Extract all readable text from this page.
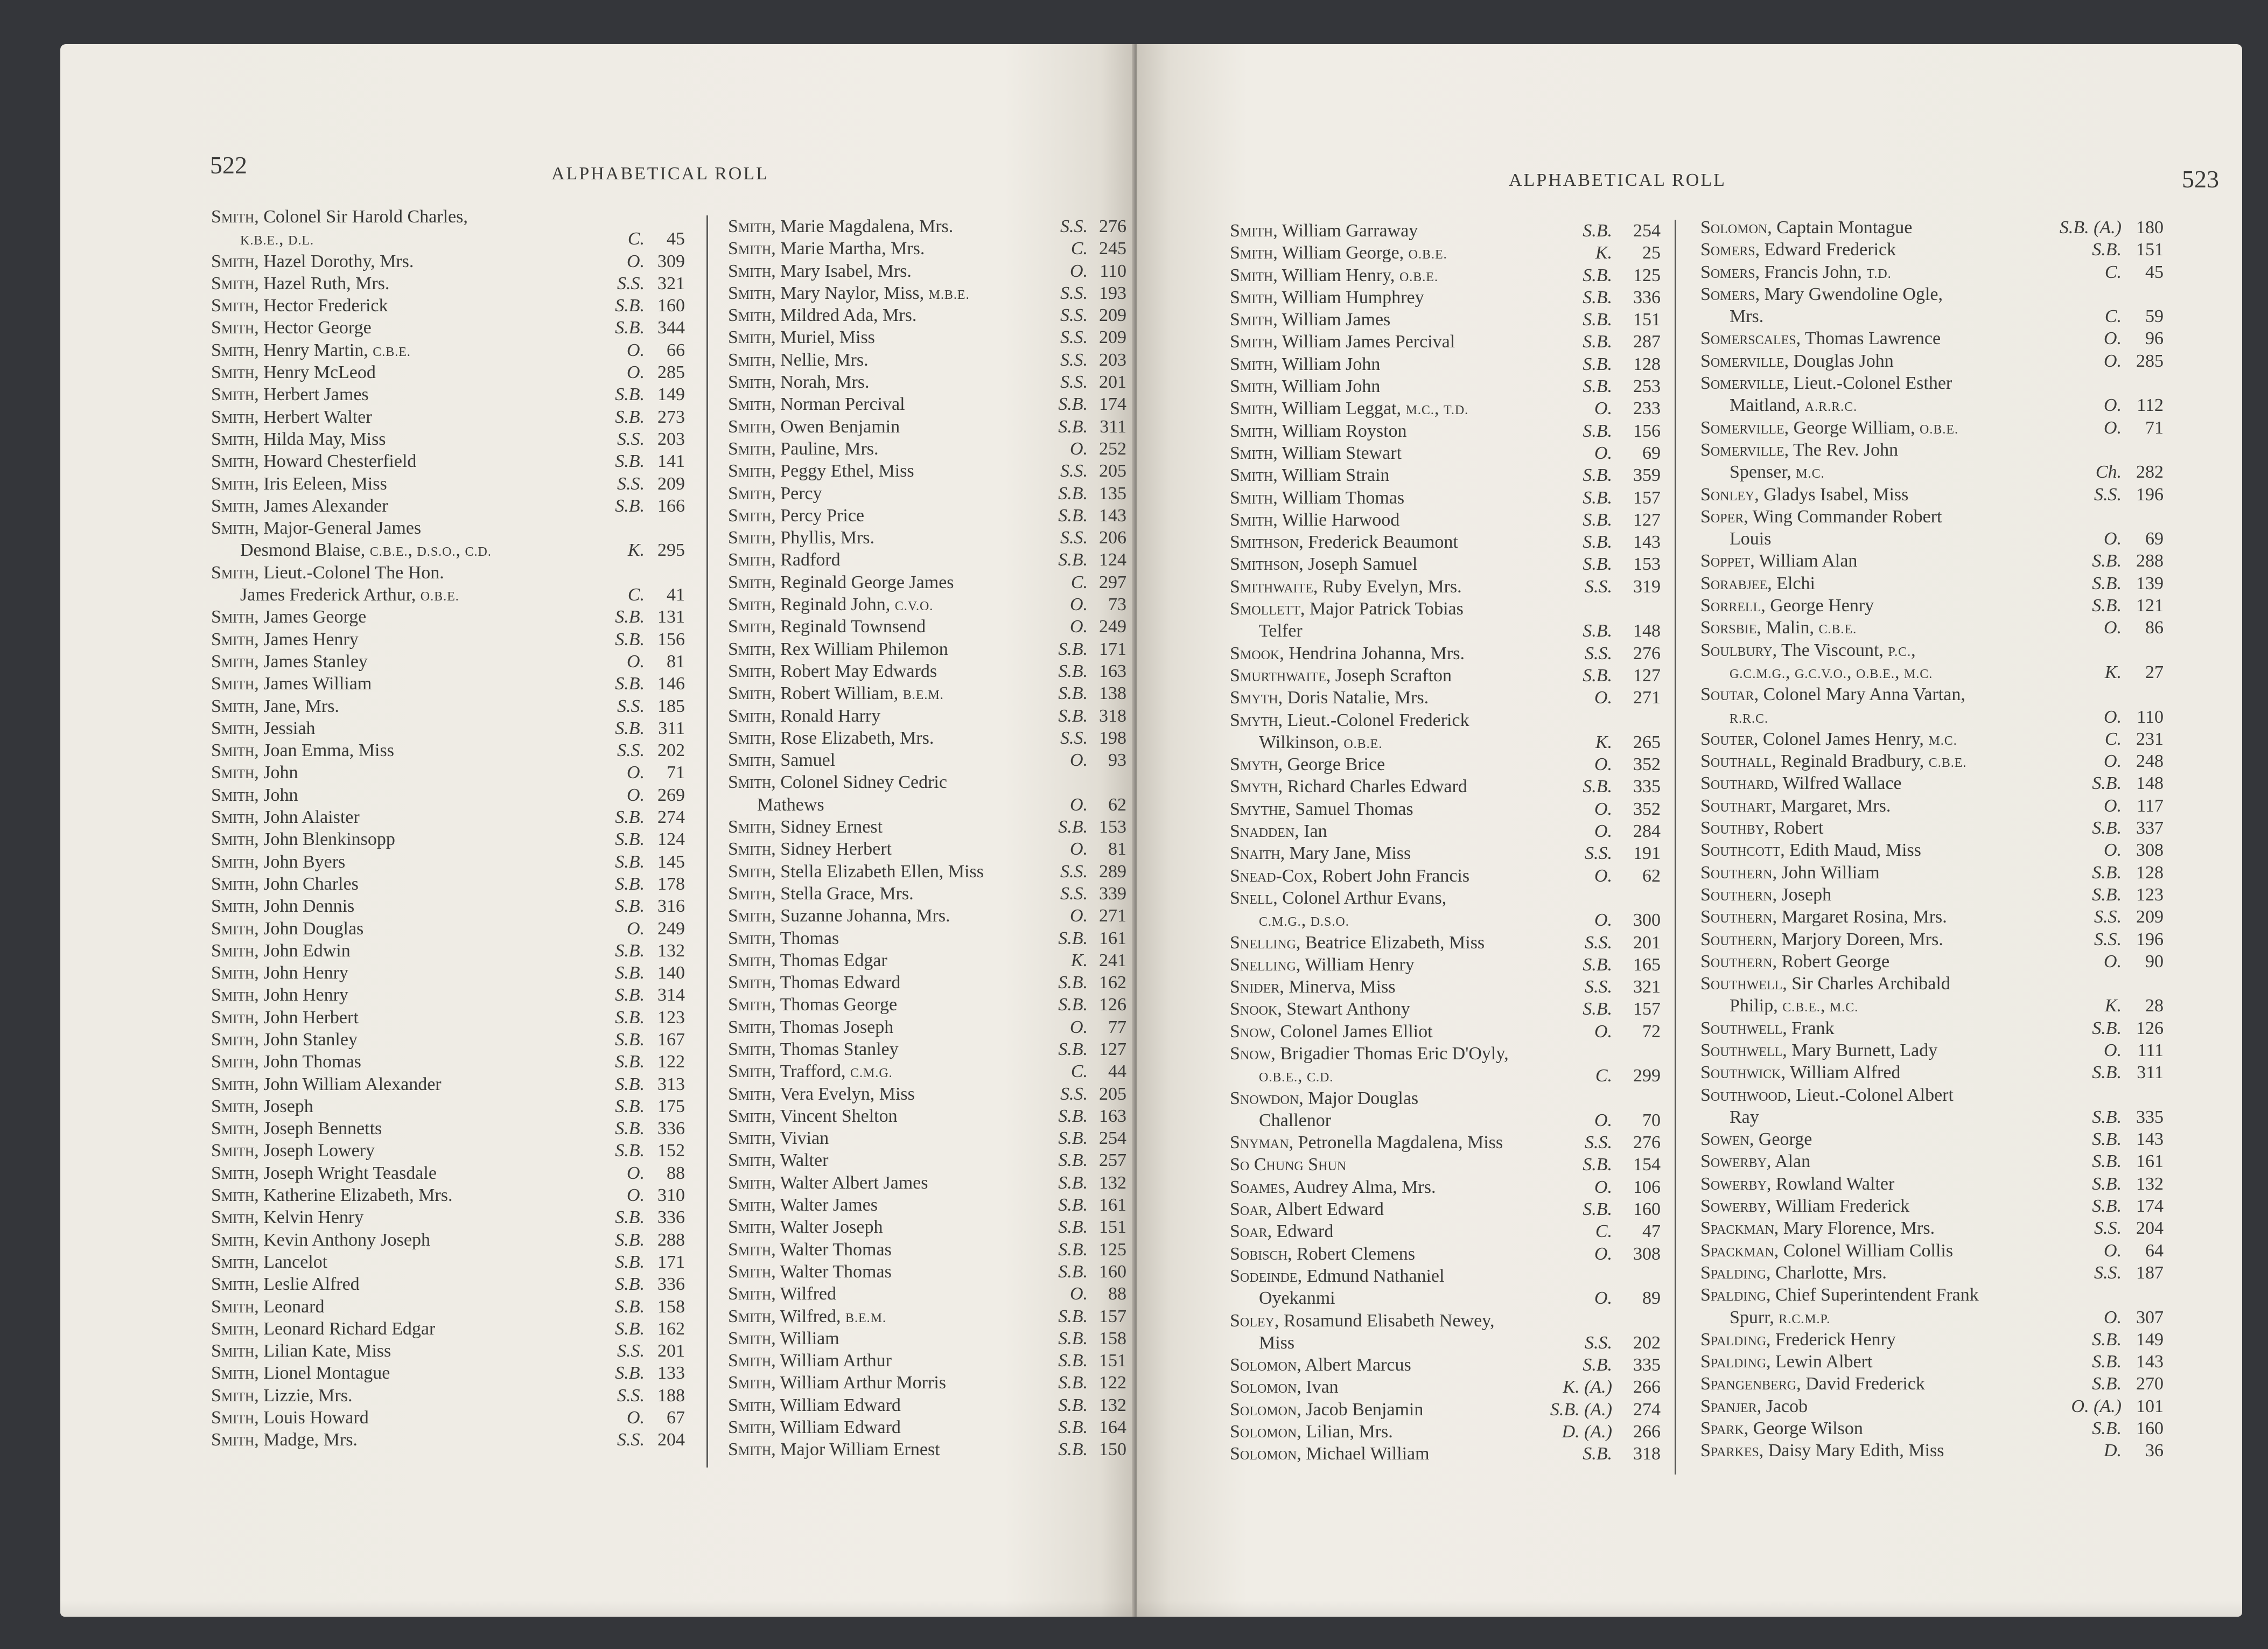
522	ALPHABETICAL ROLL
Smith, Colonel Sir Harold Charles,
K.B.E., D.L.	C. 45
Smith, Hazel Dorothy, Mrs.	O. 309
Smith, Hazel Ruth, Mrs.	S.S. 321
Smith, Hector Frederick	S.B. 160
Smith, Hector George	S.B. 344
Smith, Henry Martin, C.B.E.	O. 66
Smith, Henry McLeod	O. 285
Smith, Herbert James	S.B. 149
Smith, Herbert Walter	S.B. 273
Smith, Hilda May, Miss	S.S. 203
Smith, Howard Chesterfield	S.B. 141
Smith, Iris Eeleen, Miss	S.S. 209
Smith, James Alexander	S.B. 166
Smith, Major-General James
Desmond Blaise, C.B.E., D.S.O., C.D.	K. 295
Smith, Lieut.-Colonel The Hon.
James Frederick Arthur, O.B.E.	C. 41
Smith, James George	S.B. 131
Smith, James Henry	S.B. 156
Smith, James Stanley	O. 81
Smith, James William	S.B. 146
Smith, Jane, Mrs.	S.S. 185
Smith, Jessiah	S.B. 311
Smith, Joan Emma, Miss	S.S. 202
Smith, John	O. 71
Smith, John	O. 269
Smith, John Alaister	S.B. 274
Smith, John Blenkinsopp	S.B. 124
Smith, John Byers	S.B. 145
Smith, John Charles	S.B. 178
Smith, John Dennis	S.B. 316
Smith, John Douglas	O. 249
Smith, John Edwin	S.B. 132
Smith, John Henry	S.B. 140
Smith, John Henry	S.B. 314
Smith, John Herbert	S.B. 123
Smith, John Stanley	S.B. 167
Smith, John Thomas	S.B. 122
Smith, John William Alexander	S.B. 313
Smith, Joseph	S.B. 175
Smith, Joseph Bennetts	S.B. 336
Smith, Joseph Lowery	S.B. 152
Smith, Joseph Wright Teasdale	O. 88
Smith, Katherine Elizabeth, Mrs.	O. 310
Smith, Kelvin Henry	S.B. 336
Smith, Kevin Anthony Joseph	S.B. 288
Smith, Lancelot	S.B. 171
Smith, Leslie Alfred	S.B. 336
Smith, Leonard	S.B. 158
Smith, Leonard Richard Edgar	S.B. 162
Smith, Lilian Kate, Miss	S.S. 201
Smith, Lionel Montague	S.B. 133
Smith, Lizzie, Mrs.	S.S. 188
Smith, Louis Howard	O. 67
Smith, Madge, Mrs.	S.S. 204
Smith, Marie Magdalena, Mrs.	S.S. 276
Smith, Marie Martha, Mrs.	C. 245
Smith, Mary Isabel, Mrs.	O. 110
Smith, Mary Naylor, Miss, M.B.E.	S.S. 193
Smith, Mildred Ada, Mrs.	S.S. 209
Smith, Muriel, Miss	S.S. 209
Smith, Nellie, Mrs.	S.S. 203
Smith, Norah, Mrs.	S.S. 201
Smith, Norman Percival	S.B. 174
Smith, Owen Benjamin	S.B. 311
Smith, Pauline, Mrs.	O. 252
Smith, Peggy Ethel, Miss	S.S. 205
Smith, Percy	S.B. 135
Smith, Percy Price	S.B. 143
Smith, Phyllis, Mrs.	S.S. 206
Smith, Radford	S.B. 124
Smith, Reginald George James	C. 297
Smith, Reginald John, C.V.O.	O. 73
Smith, Reginald Townsend	O. 249
Smith, Rex William Philemon	S.B. 171
Smith, Robert May Edwards	S.B. 163
Smith, Robert William, B.E.M.	S.B. 138
Smith, Ronald Harry	S.B. 318
Smith, Rose Elizabeth, Mrs.	S.S. 198
Smith, Samuel	O. 93
Smith, Colonel Sidney Cedric
Mathews	O. 62
Smith, Sidney Ernest	S.B. 153
Smith, Sidney Herbert	O. 81
Smith, Stella Elizabeth Ellen, Miss	S.S. 289
Smith, Stella Grace, Mrs.	S.S. 339
Smith, Suzanne Johanna, Mrs.	O. 271
Smith, Thomas	S.B. 161
Smith, Thomas Edgar	K. 241
Smith, Thomas Edward	S.B. 162
Smith, Thomas George	S.B. 126
Smith, Thomas Joseph	O. 77
Smith, Thomas Stanley	S.B. 127
Smith, Trafford, C.M.G.	C. 44
Smith, Vera Evelyn, Miss	S.S. 205
Smith, Vincent Shelton	S.B. 163
Smith, Vivian	S.B. 254
Smith, Walter	S.B. 257
Smith, Walter Albert James	S.B. 132
Smith, Walter James	S.B. 161
Smith, Walter Joseph	S.B. 151
Smith, Walter Thomas	S.B. 125
Smith, Walter Thomas	S.B. 160
Smith, Wilfred	O. 88
Smith, Wilfred, B.E.M.	S.B. 157
Smith, William	S.B. 158
Smith, William Arthur	S.B. 151
Smith, William Arthur Morris	S.B. 122
Smith, William Edward	S.B. 132
Smith, William Edward	S.B. 164
Smith, Major William Ernest	S.B. 150
ALPHABETICAL ROLL	523
Smith, William Garraway	S.B. 254
Smith, William George, O.B.E.	K. 25
Smith, William Henry, O.B.E.	S.B. 125
Smith, William Humphrey	S.B. 336
Smith, William James	S.B. 151
Smith, William James Percival	S.B. 287
Smith, William John	S.B. 128
Smith, William John	S.B. 253
Smith, William Leggat, M.C., T.D.	O. 233
Smith, William Royston	S.B. 156
Smith, William Stewart	O. 69
Smith, William Strain	S.B. 359
Smith, William Thomas	S.B. 157
Smith, Willie Harwood	S.B. 127
Smithson, Frederick Beaumont	S.B. 143
Smithson, Joseph Samuel	S.B. 153
Smithwaite, Ruby Evelyn, Mrs.	S.S. 319
Smollett, Major Patrick Tobias
Telfer	S.B. 148
Smook, Hendrina Johanna, Mrs.	S.S. 276
Smurthwaite, Joseph Scrafton	S.B. 127
Smyth, Doris Natalie, Mrs.	O. 271
Smyth, Lieut.-Colonel Frederick
Wilkinson, O.B.E.	K. 265
Smyth, George Brice	O. 352
Smyth, Richard Charles Edward	S.B. 335
Smythe, Samuel Thomas	O. 352
Snadden, Ian	O. 284
Snaith, Mary Jane, Miss	S.S. 191
Snead-Cox, Robert John Francis	O. 62
Snell, Colonel Arthur Evans,
C.M.G., D.S.O.	O. 300
Snelling, Beatrice Elizabeth, Miss	S.S. 201
Snelling, William Henry	S.B. 165
Snider, Minerva, Miss	S.S. 321
Snook, Stewart Anthony	S.B. 157
Snow, Colonel James Elliot	O. 72
Snow, Brigadier Thomas Eric D'Oyly,
O.B.E., C.D.	C. 299
Snowdon, Major Douglas
Challenor	O. 70
Snyman, Petronella Magdalena, Miss	S.S. 276
So Chung Shun	S.B. 154
Soames, Audrey Alma, Mrs.	O. 106
Soar, Albert Edward	S.B. 160
Soar, Edward	C. 47
Sobisch, Robert Clemens	O. 308
Sodeinde, Edmund Nathaniel
Oyekanmi	O. 89
Soley, Rosamund Elisabeth Newey,
Miss	S.S. 202
Solomon, Albert Marcus	S.B. 335
Solomon, Ivan	K. (A.) 266
Solomon, Jacob Benjamin	S.B. (A.) 274
Solomon, Lilian, Mrs.	D. (A.) 266
Solomon, Michael William	S.B. 318
Solomon, Captain Montague	S.B. (A.) 180
Somers, Edward Frederick	S.B. 151
Somers, Francis John, T.D.	C. 45
Somers, Mary Gwendoline Ogle,
Mrs.	C. 59
Somerscales, Thomas Lawrence	O. 96
Somerville, Douglas John	O. 285
Somerville, Lieut.-Colonel Esther
Maitland, A.R.R.C.	O. 112
Somerville, George William, O.B.E.	O. 71
Somerville, The Rev. John
Spenser, M.C.	Ch. 282
Sonley, Gladys Isabel, Miss	S.S. 196
Soper, Wing Commander Robert
Louis	O. 69
Soppet, William Alan	S.B. 288
Sorabjee, Elchi	S.B. 139
Sorrell, George Henry	S.B. 121
Sorsbie, Malin, C.B.E.	O. 86
Soulbury, The Viscount, P.C.,
G.C.M.G., G.C.V.O., O.B.E., M.C.	K. 27
Soutar, Colonel Mary Anna Vartan,
R.R.C.	O. 110
Souter, Colonel James Henry, M.C.	C. 231
Southall, Reginald Bradbury, C.B.E.	O. 248
Southard, Wilfred Wallace	S.B. 148
Southart, Margaret, Mrs.	O. 117
Southby, Robert	S.B. 337
Southcott, Edith Maud, Miss	O. 308
Southern, John William	S.B. 128
Southern, Joseph	S.B. 123
Southern, Margaret Rosina, Mrs.	S.S. 209
Southern, Marjory Doreen, Mrs.	S.S. 196
Southern, Robert George	O. 90
Southwell, Sir Charles Archibald
Philip, C.B.E., M.C.	K. 28
Southwell, Frank	S.B. 126
Southwell, Mary Burnett, Lady	O. 111
Southwick, William Alfred	S.B. 311
Southwood, Lieut.-Colonel Albert
Ray	S.B. 335
Sowen, George	S.B. 143
Sowerby, Alan	S.B. 161
Sowerby, Rowland Walter	S.B. 132
Sowerby, William Frederick	S.B. 174
Spackman, Mary Florence, Mrs.	S.S. 204
Spackman, Colonel William Collis	O. 64
Spalding, Charlotte, Mrs.	S.S. 187
Spalding, Chief Superintendent Frank
Spurr, R.C.M.P.	O. 307
Spalding, Frederick Henry	S.B. 149
Spalding, Lewin Albert	S.B. 143
Spangenberg, David Frederick	S.B. 270
Spanjer, Jacob	O. (A.) 101
Spark, George Wilson	S.B. 160
Sparkes, Daisy Mary Edith, Miss	D. 36
